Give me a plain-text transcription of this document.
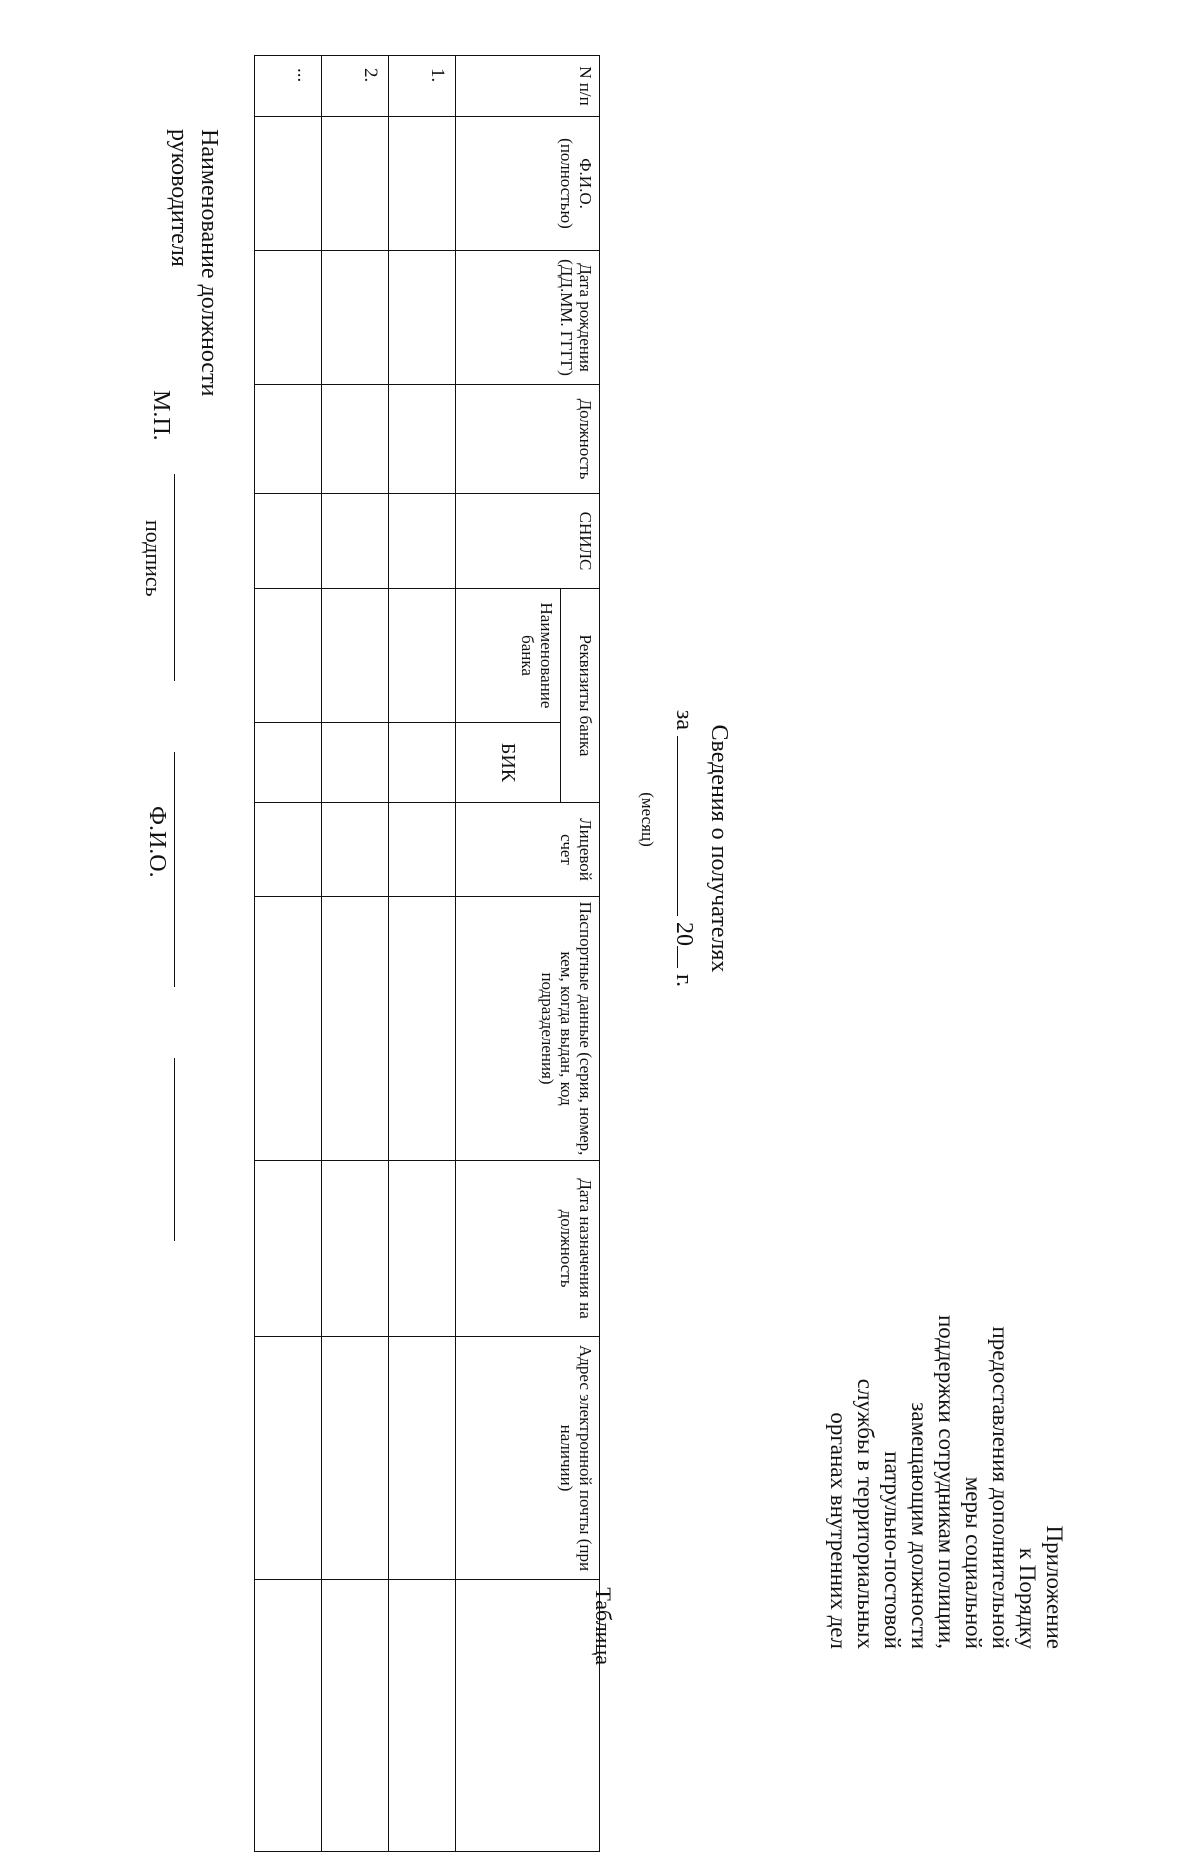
Приложение
к Порядку
предоставления дополнительной
меры социальной
поддержки сотрудникам полиции,
замещающим должности
патрульно-постовой
службы в территориальных
органах внутренних дел
Сведения о получателях
за  20 г.
(месяц)
Таблица
N п/п	Ф.И.О. (полностью)	Дата рождения (ДД.ММ. ГГГГ)	Должность	СНИЛС	Реквизиты банка		Лицевой счет	Паспортные данные (серия, номер, кем, когда выдан, код подразделения)	Дата назначения на должность	Адрес электронной почты (при наличии)	
					Наименование банка	БИК					
1.											
2.											
...											
Наименование должности
руководителя
М.П.
подпись
Ф.И.О.
